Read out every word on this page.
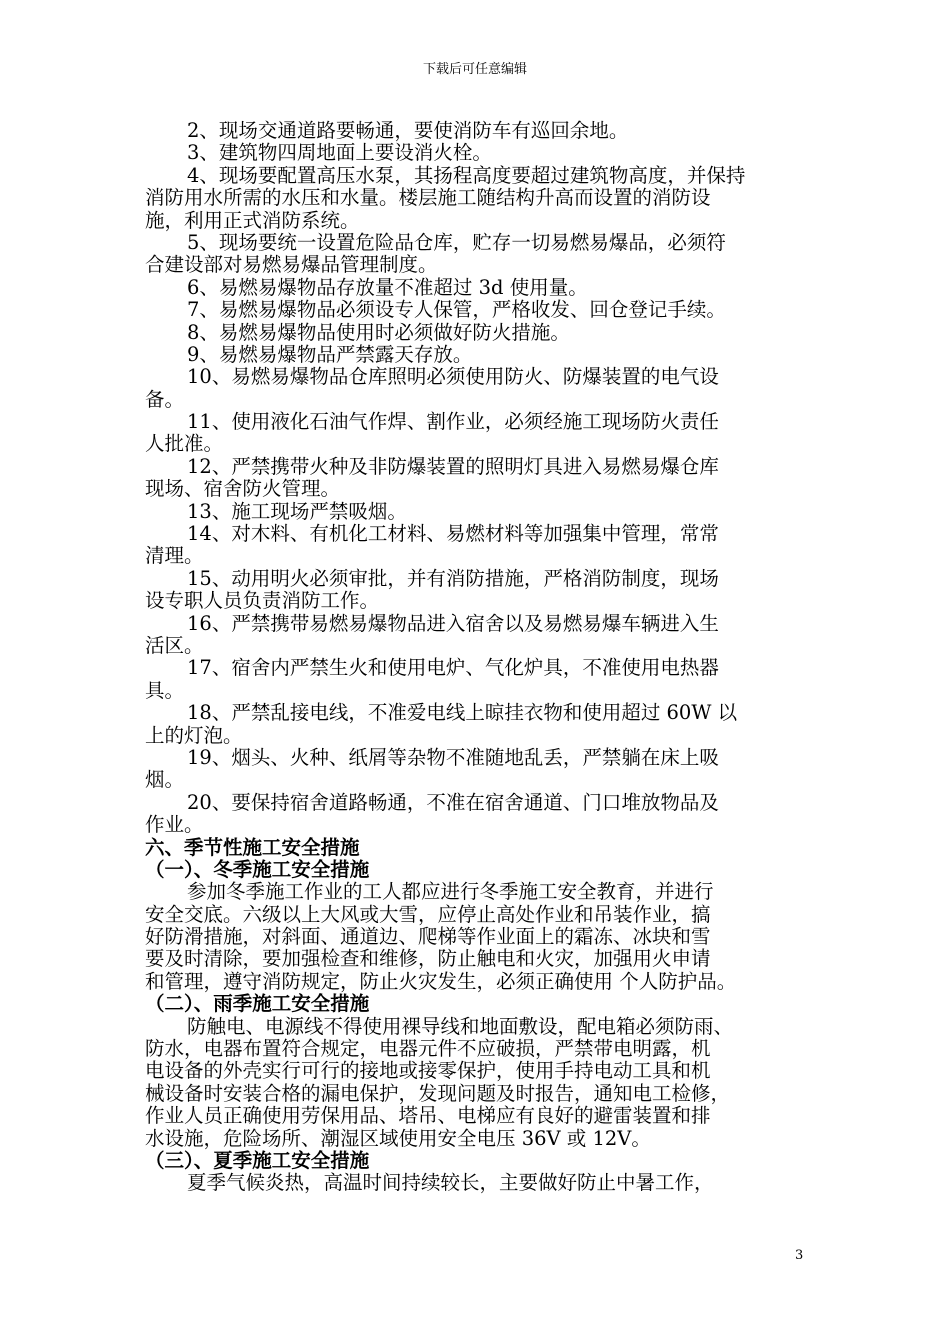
下载后可任意编辑
2、现场交通道路要畅通，要使消防车有巡回余地。
3、建筑物四周地面上要设消火栓。
4、现场要配置高压水泵，其扬程高度要超过建筑物高度，并保持
消防用水所需的水压和水量。楼层施工随结构升高而设置的消防设
施，利用正式消防系统。
5、现场要统一设置危险品仓库，贮存一切易燃易爆品，必须符
合建设部对易燃易爆品管理制度。
6、易燃易爆物品存放量不准超过 3d 使用量。
7、易燃易爆物品必须设专人保管，严格收发、回仓登记手续。
8、易燃易爆物品使用时必须做好防火措施。
9、易燃易爆物品严禁露天存放。
10、易燃易爆物品仓库照明必须使用防火、防爆装置的电气设
备。
11、使用液化石油气作焊、割作业，必须经施工现场防火责任
人批准。
12、严禁携带火种及非防爆装置的照明灯具进入易燃易爆仓库
现场、宿舍防火管理。
13、施工现场严禁吸烟。
14、对木料、有机化工材料、易燃材料等加强集中管理，常常
清理。
15、动用明火必须审批，并有消防措施，严格消防制度，现场
设专职人员负责消防工作。
16、严禁携带易燃易爆物品进入宿舍以及易燃易爆车辆进入生
活区。
17、宿舍内严禁生火和使用电炉、气化炉具，不准使用电热器
具。
18、严禁乱接电线，不准爱电线上晾挂衣物和使用超过 60W 以
上的灯泡。
19、烟头、火种、纸屑等杂物不准随地乱丢，严禁躺在床上吸
烟。
20、要保持宿舍道路畅通，不准在宿舍通道、门口堆放物品及
作业。
六、季节性施工安全措施
（一）、冬季施工安全措施
参加冬季施工作业的工人都应进行冬季施工安全教育，并进行
安全交底。六级以上大风或大雪，应停止高处作业和吊装作业，搞
好防滑措施，对斜面、通道边、爬梯等作业面上的霜冻、冰块和雪
要及时清除，要加强检查和维修，防止触电和火灾，加强用火申请
和管理，遵守消防规定，防止火灾发生，必须正确使用 个人防护品。
（二）、雨季施工安全措施
防触电、电源线不得使用裸导线和地面敷设，配电箱必须防雨、
防水，电器布置符合规定，电器元件不应破损，严禁带电明露，机
电设备的外壳实行可行的接地或接零保护，使用手持电动工具和机
械设备时安装合格的漏电保护，发现问题及时报告，通知电工检修，
作业人员正确使用劳保用品、塔吊、电梯应有良好的避雷装置和排
水设施，危险场所、潮湿区域使用安全电压 36V 或 12V。
（三）、夏季施工安全措施
夏季气候炎热，高温时间持续较长，主要做好防止中暑工作，
3
